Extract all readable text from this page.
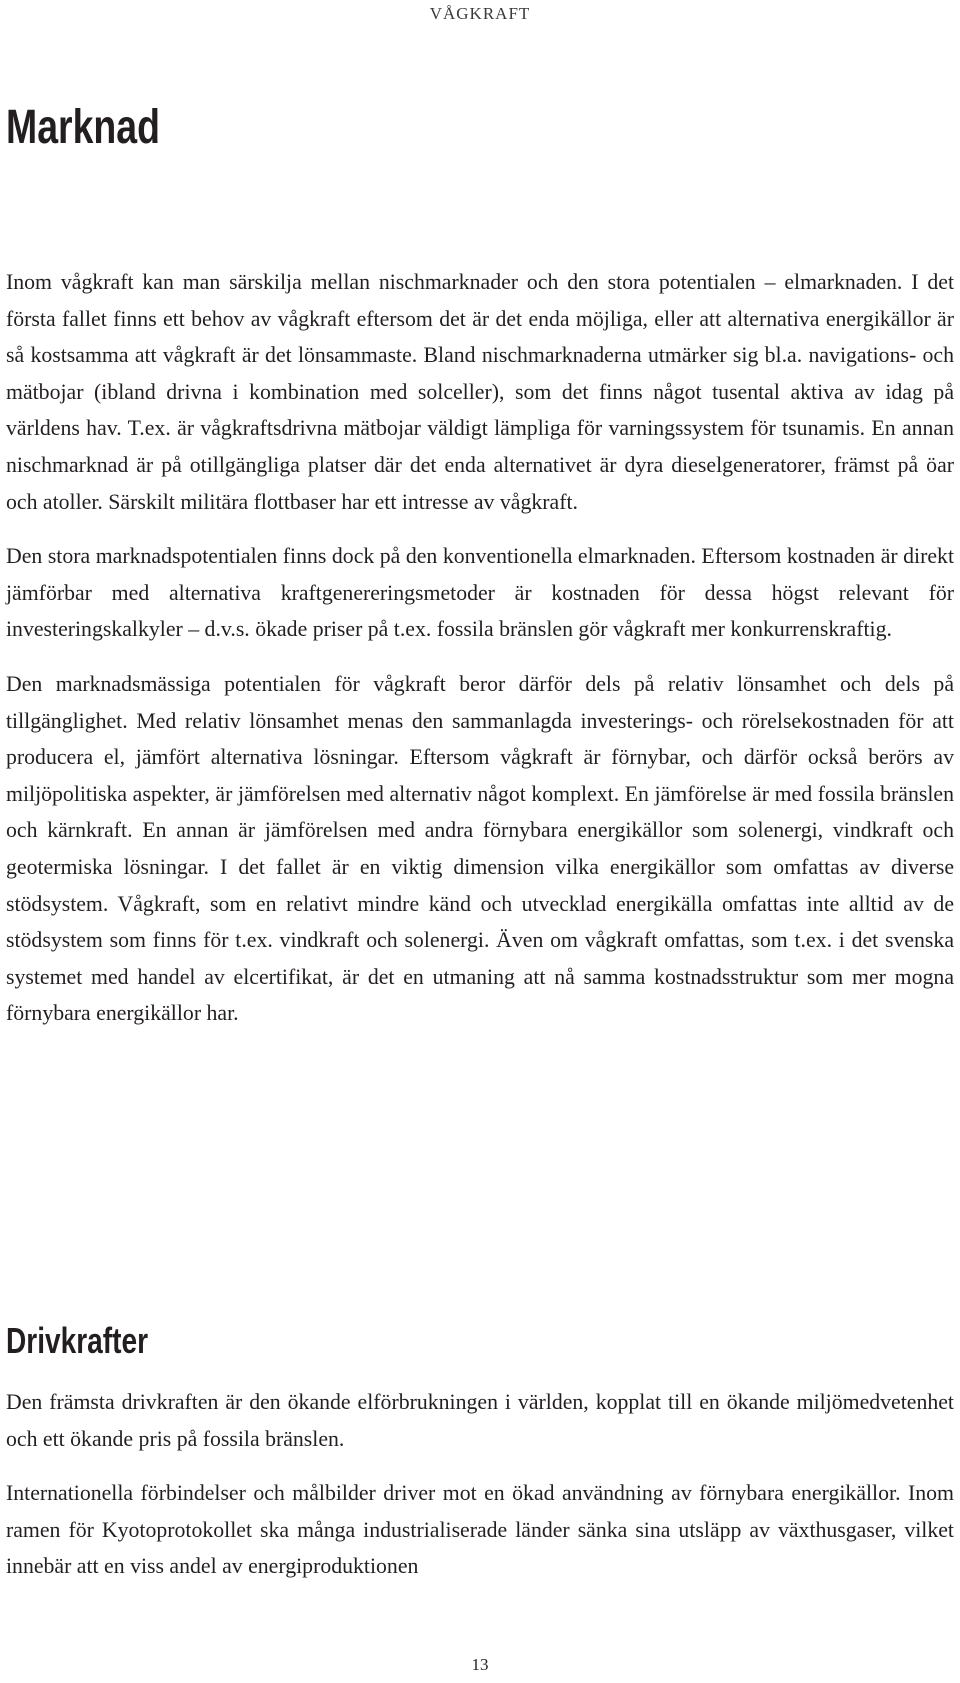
VÅGKRAFT
Marknad

Inom vågkraft kan man särskilja mellan nischmarknader och den stora potentialen – elmarknaden. I det första fallet finns ett behov av vågkraft eftersom det är det enda möjliga, eller att alternativa energikällor är så kostsamma att vågkraft är det lönsammaste. Bland nischmarknaderna utmärker sig bl.a. navigations- och mätbojar (ibland drivna i kombination med solceller), som det finns något tusental aktiva av idag på världens hav. T.ex. är vågkraftsdrivna mätbojar väldigt lämpliga för varningssystem för tsunamis. En annan nischmarknad är på otillgängliga platser där det enda alternativet är dyra dieselgeneratorer, främst på öar och atoller. Särskilt militära flottbaser har ett intresse av vågkraft.

Den stora marknadspotentialen finns dock på den konventionella elmarknaden. Eftersom kostnaden är direkt jämförbar med alternativa kraftgenereringsmetoder är kostnaden för dessa högst relevant för investeringskalkyler – d.v.s. ökade priser på t.ex. fossila bränslen gör vågkraft mer konkurrenskraftig.

Den marknadsmässiga potentialen för vågkraft beror därför dels på relativ lönsamhet och dels på tillgänglighet. Med relativ lönsamhet menas den sammanlagda investerings- och rörelsekostnaden för att producera el, jämfört alternativa lösningar. Eftersom vågkraft är förnybar, och därför också berörs av miljöpolitiska aspekter, är jämförelsen med alternativ något komplext. En jämförelse är med fossila bränslen och kärnkraft. En annan är jämförelsen med andra förnybara energikällor som solenergi, vindkraft och geotermiska lösningar. I det fallet är en viktig dimension vilka energikällor som omfattas av diverse stödsystem. Vågkraft, som en relativt mindre känd och utvecklad energikälla omfattas inte alltid av de stödsystem som finns för t.ex. vindkraft och solenergi. Även om vågkraft omfattas, som t.ex. i det svenska systemet med handel av elcertifikat, är det en utmaning att nå samma kostnadsstruktur som mer mogna förnybara energikällor har.

Drivkrafter

Den främsta drivkraften är den ökande elförbrukningen i världen, kopplat till en ökande miljömedvetenhet och ett ökande pris på fossila bränslen.

Internationella förbindelser och målbilder driver mot en ökad användning av förnybara energikällor. Inom ramen för Kyotoprotokollet ska många industrialiserade länder sänka sina utsläpp av växthusgaser, vilket innebär att en viss andel av energiproduktionen

13
